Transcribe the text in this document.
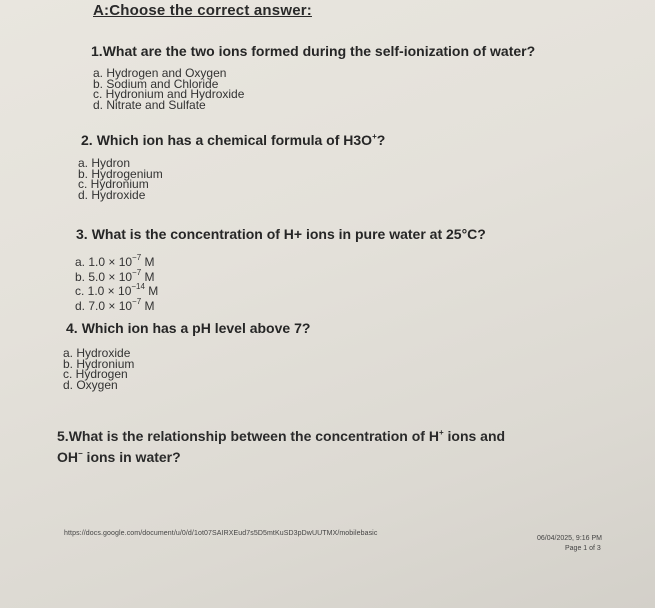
A:Choose the correct answer:
1.What are the two ions formed during the self-ionization of water?
a. Hydrogen and Oxygen
b. Sodium and Chloride
c. Hydronium and Hydroxide
d. Nitrate and Sulfate
2. Which ion has a chemical formula of H3O+?
a. Hydron
b. Hydrogenium
c. Hydronium
d. Hydroxide
3. What is the concentration of H+ ions in pure water at 25°C?
a. $1.0 \times 10^{-7}$ M
b. $5.0 \times 10^{-7}$ M
c. $1.0 \times 10^{-14}$ M
d. $7.0 \times 10^{-7}$ M
4. Which ion has a pH level above 7?
a. Hydroxide
b. Hydronium
c. Hydrogen
d. Oxygen
5.What is the relationship between the concentration of H+ ions and
OH− ions in water?
https://docs.google.com/document/u/0/d/1ot07SAIRXEud7s5D5mtKuSD3pDwUUTMX/mobilebasic
06/04/2025, 9:16 PM
Page 1 of 3
